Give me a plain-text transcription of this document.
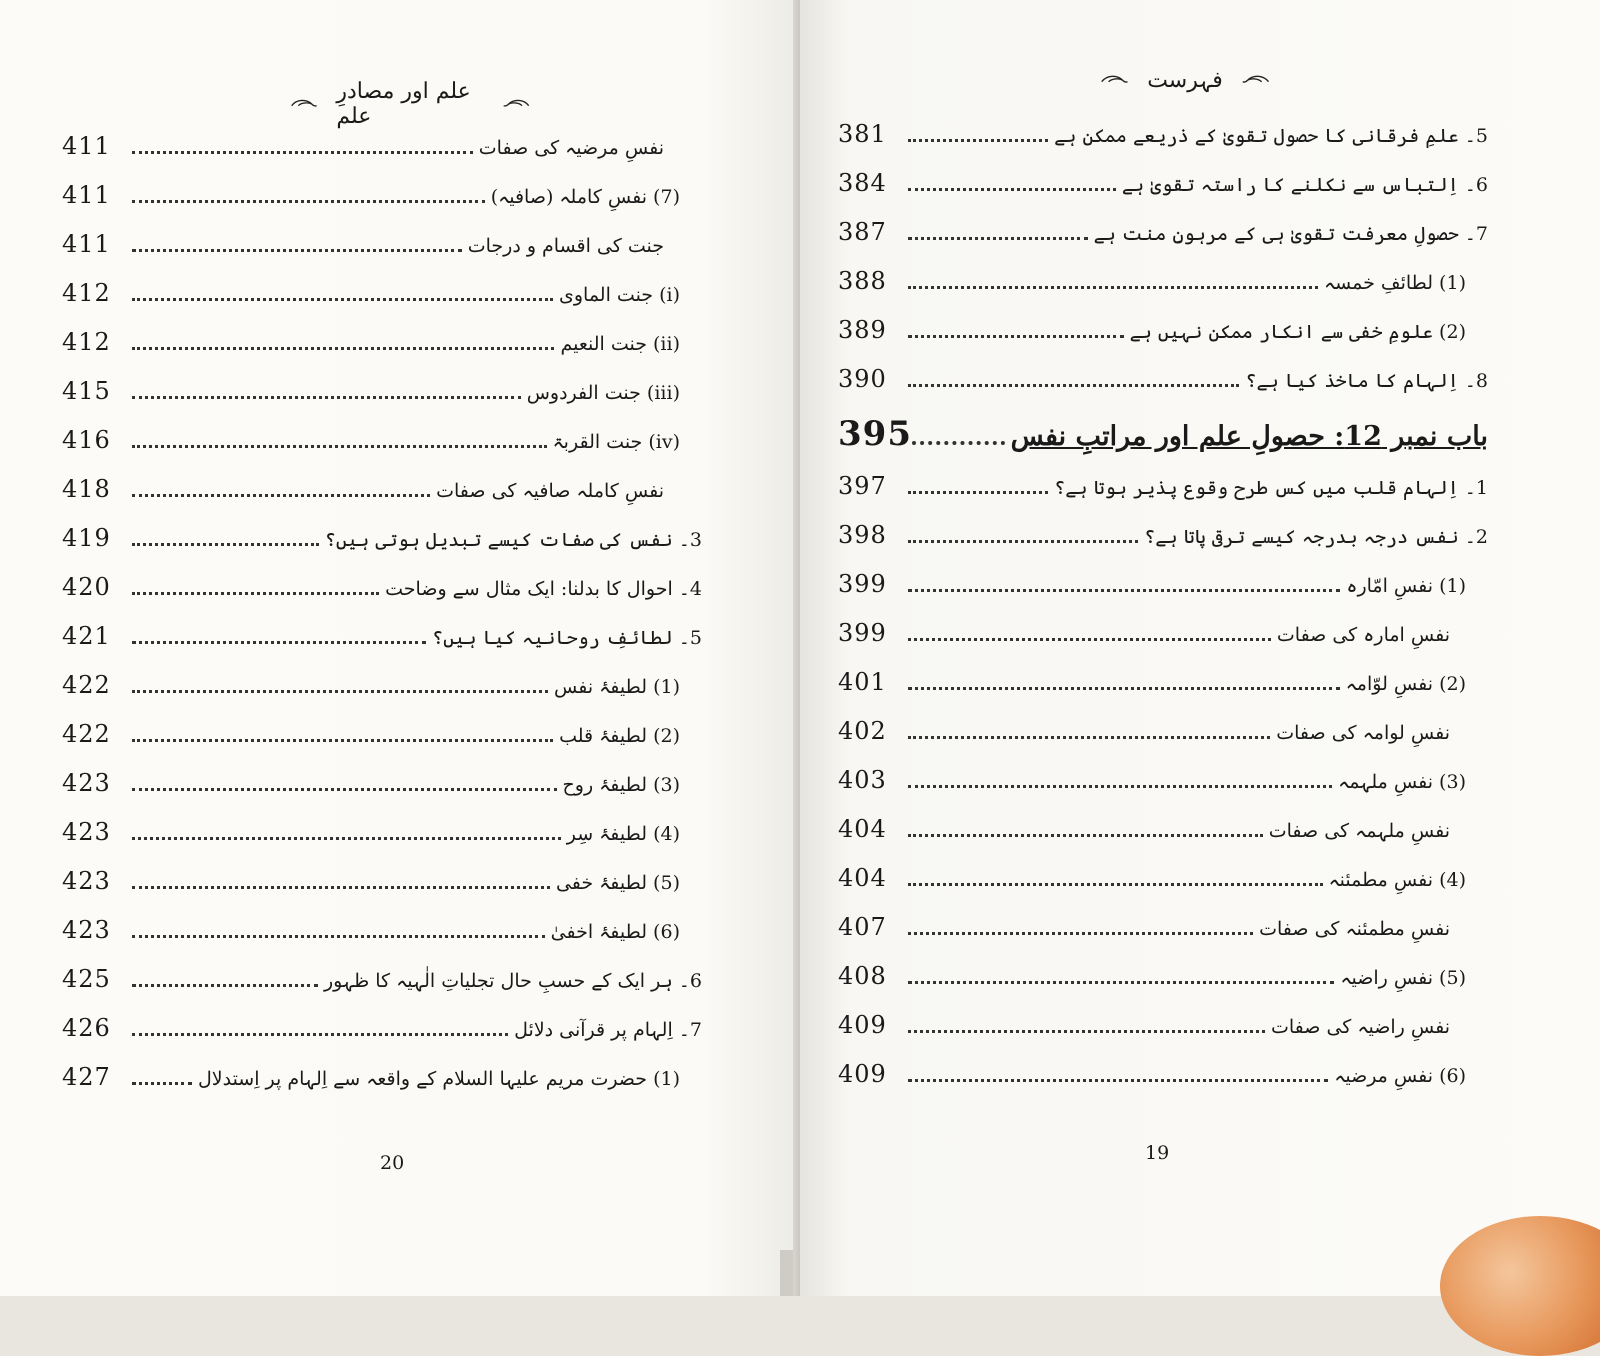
علم اور مصادرِ علم
411	نفسِ مرضیہ کی صفات
411	(7) نفسِ کاملہ (صافیہ)
411	جنت کی اقسام و درجات
412	(i) جنت الماوی
412	(ii) جنت النعیم
415	(iii) جنت الفردوس
416	(iv) جنت القربۃ
418	نفسِ کاملہ صافیہ کی صفات
419	3۔ نفس کی صفات کیسے تبدیل ہوتی ہیں؟
420	4۔ احوال کا بدلنا: ایک مثال سے وضاحت
421	5۔ لطائفِ روحانیہ کیا ہیں؟
422	(1) لطیفۂ نفس
422	(2) لطیفۂ قلب
423	(3) لطیفۂ روح
423	(4) لطیفۂ سِر
423	(5) لطیفۂ خفی
423	(6) لطیفۂ اخفیٰ
425	6۔ ہر ایک کے حسبِ حال تجلیاتِ الٰہیہ کا ظہور
426	7۔ اِلہام پر قرآنی دلائل
427	(1) حضرت مریم علیہا السلام کے واقعہ سے اِلہام پر اِستدلال
20
فہرست
381	5۔ علمِ فرقانی کا حصول تقویٰ کے ذریعے ممکن ہے
384	6۔ اِلتباس سے نکلنے کا راستہ تقویٰ ہے
387	7۔ حصولِ معرفت تقویٰ ہی کے مرہونِ منت ہے
388	(1) لطائفِ خمسہ
389	(2) علومِ خفی سے انکار ممکن نہیں ہے
390	8۔ اِلہام کا ماخذ کیا ہے؟
395	باب نمبر 12: حصولِ علم اور مراتبِ نفس
397	1۔ اِلہام قلب میں کس طرح وقوع پذیر ہوتا ہے؟
398	2۔ نفس درجہ بدرجہ کیسے ترقی پاتا ہے؟
399	(1) نفسِ امّارہ
399	نفسِ امارہ کی صفات
401	(2) نفسِ لوّامہ
402	نفسِ لوامہ کی صفات
403	(3) نفسِ ملہمہ
404	نفسِ ملہمہ کی صفات
404	(4) نفسِ مطمئنہ
407	نفسِ مطمئنہ کی صفات
408	(5) نفسِ راضیہ
409	نفسِ راضیہ کی صفات
409	(6) نفسِ مرضیہ
19
